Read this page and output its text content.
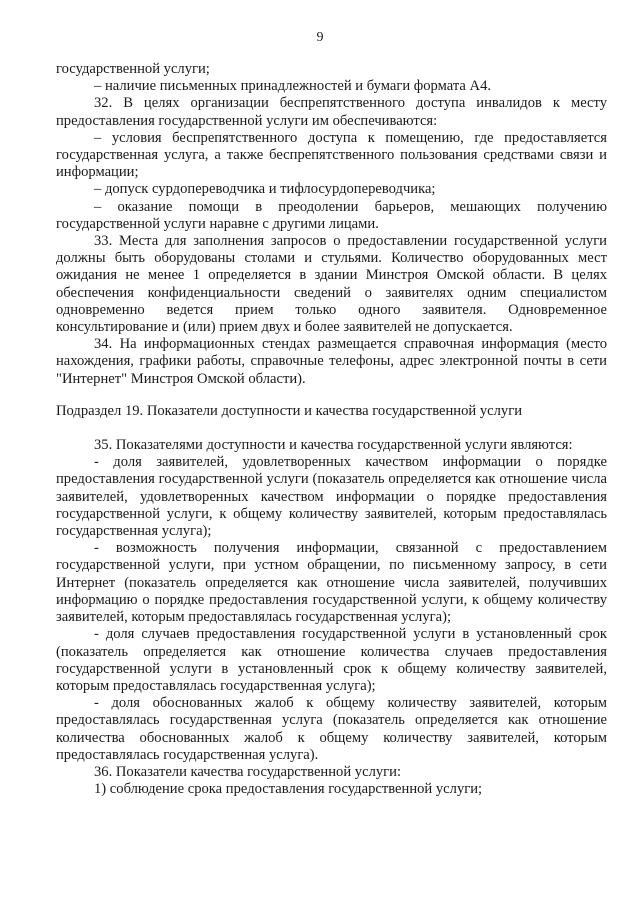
9

государственной услуги;

– наличие письменных принадлежностей и бумаги формата А4.

32. В целях организации беспрепятственного доступа инвалидов к месту предоставления государственной услуги им обеспечиваются:

– условия беспрепятственного доступа к помещению, где предоставляется государственная услуга, а также беспрепятственного пользования средствами связи и информации;

– допуск сурдопереводчика и тифлосурдопереводчика;

– оказание помощи в преодолении барьеров, мешающих получению государственной услуги наравне с другими лицами.

33. Места для заполнения запросов о предоставлении государственной услуги должны быть оборудованы столами и стульями. Количество оборудованных мест ожидания не менее 1 определяется в здании Минстроя Омской области. В целях обеспечения конфиденциальности сведений о заявителях одним специалистом одновременно ведется прием только одного заявителя. Одновременное консультирование и (или) прием двух и более заявителей не допускается.

34. На информационных стендах размещается справочная информация (место нахождения, графики работы, справочные телефоны, адрес электронной почты в сети "Интернет" Минстроя Омской области).

Подраздел 19. Показатели доступности и качества государственной услуги

35. Показателями доступности и качества государственной услуги являются:

- доля заявителей, удовлетворенных качеством информации о порядке предоставления государственной услуги (показатель определяется как отношение числа заявителей, удовлетворенных качеством информации о порядке предоставления государственной услуги, к общему количеству заявителей, которым предоставлялась государственная услуга);

- возможность получения информации, связанной с предоставлением государственной услуги, при устном обращении, по письменному запросу, в сети Интернет (показатель определяется как отношение числа заявителей, получивших информацию о порядке предоставления государственной услуги, к общему количеству заявителей, которым предоставлялась государственная услуга);

- доля случаев предоставления государственной услуги в установленный срок (показатель определяется как отношение количества случаев предоставления государственной услуги в установленный срок к общему количеству заявителей, которым предоставлялась государственная услуга);

- доля обоснованных жалоб к общему количеству заявителей, которым предоставлялась государственная услуга (показатель определяется как отношение количества обоснованных жалоб к общему количеству заявителей, которым предоставлялась государственная услуга).

36. Показатели качества государственной услуги:

1) соблюдение срока предоставления государственной услуги;
